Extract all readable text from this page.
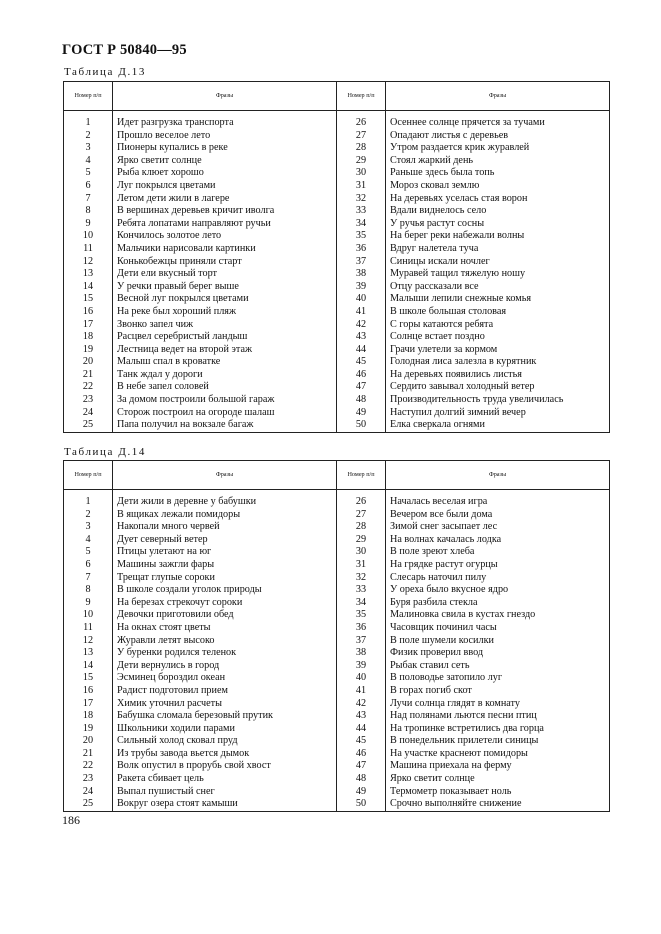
ГОСТ Р 50840—95
Таблица Д.13
Номер п/п	Фразы	Номер п/п	Фразы

1	Идет разгрузка транспорта	26	Осеннее солнце прячется за тучами
2	Прошло веселое лето	27	Опадают листья с деревьев
3	Пионеры купались в реке	28	Утром раздается крик журавлей
4	Ярко светит солнце	29	Стоял жаркий день
5	Рыба клюет хорошо	30	Раньше здесь была топь
6	Луг покрылся цветами	31	Мороз сковал землю
7	Летом дети жили в лагере	32	На деревьях уселась стая ворон
8	В вершинах деревьев кричит иволга	33	Вдали виднелось село
9	Ребята лопатами направляют ручьи	34	У ручья растут сосны
10	Кончилось золотое лето	35	На берег реки набежали волны
11	Мальчики нарисовали картинки	36	Вдруг налетела туча
12	Конькобежцы приняли старт	37	Синицы искали ночлег
13	Дети ели вкусный торт	38	Муравей тащил тяжелую ношу
14	У речки правый берег выше	39	Отцу рассказали все
15	Весной луг покрылся цветами	40	Малыши лепили снежные комья
16	На реке был хороший пляж	41	В школе большая столовая
17	Звонко запел чиж	42	С горы катаются ребята
18	Расцвел серебристый ландыш	43	Солнце встает поздно
19	Лестница ведет на второй этаж	44	Грачи улетели за кормом
20	Малыш спал в кроватке	45	Голодная лиса залезла в курятник
21	Танк ждал у дороги	46	На деревьях появились листья
22	В небе запел соловей	47	Сердито завывал холодный ветер
23	За домом построили большой гараж	48	Производительность труда увеличилась
24	Сторож построил на огороде шалаш	49	Наступил долгий зимний вечер
25	Папа получил на вокзале багаж	50	Елка сверкала огнями
Таблица Д.14
Номер п/п	Фразы	Номер п/п	Фразы

1	Дети жили в деревне у бабушки	26	Началась веселая игра
2	В ящиках лежали помидоры	27	Вечером все были дома
3	Накопали много червей	28	Зимой снег засыпает лес
4	Дует северный ветер	29	На волнах качалась лодка
5	Птицы улетают на юг	30	В поле зреют хлеба
6	Машины зажгли фары	31	На грядке растут огурцы
7	Трещат глупые сороки	32	Слесарь наточил пилу
8	В школе создали уголок природы	33	У ореха было вкусное ядро
9	На березах стрекочут сороки	34	Буря разбила стекла
10	Девочки приготовили обед	35	Малиновка свила в кустах гнездо
11	На окнах стоят цветы	36	Часовщик починил часы
12	Журавли летят высоко	37	В поле шумели косилки
13	У буренки родился теленок	38	Физик проверил ввод
14	Дети вернулись в город	39	Рыбак ставил сеть
15	Эсминец бороздил океан	40	В половодье затопило луг
16	Радист подготовил прием	41	В горах погиб скот
17	Химик уточнил расчеты	42	Лучи солнца глядят в комнату
18	Бабушка сломала березовый прутик	43	Над полянами льются песни птиц
19	Школьники ходили парами	44	На тропинке встретились два горца
20	Сильный холод сковал пруд	45	В понедельник прилетели синицы
21	Из трубы завода вьется дымок	46	На участке краснеют помидоры
22	Волк опустил в прорубь свой хвост	47	Машина приехала на ферму
23	Ракета сбивает цель	48	Ярко светит солнце
24	Выпал пушистый снег	49	Термометр показывает ноль
25	Вокруг озера стоят камыши	50	Срочно выполняйте снижение
186
